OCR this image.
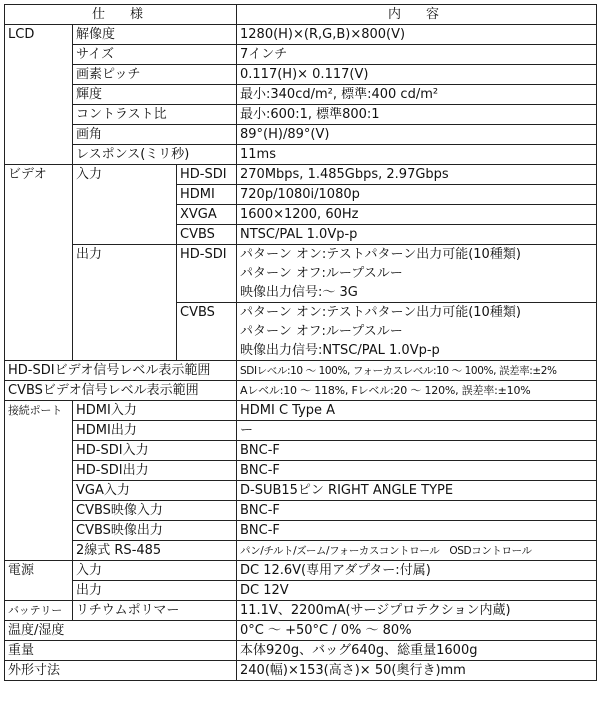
仕　様			内　容
LCD	解像度		1280(H)×(R,G,B)×800(V)
	サイズ		7インチ
	画素ピッチ		0.117(H)× 0.117(V)
	輝度		最小:340cd/m², 標準:400 cd/m²
	コントラスト比		最小:600:1, 標準800:1
	画角		89°(H)/89°(V)
	レスポンス(ミリ秒)		11ms
ビデオ	入力	HD-SDI	270Mbps, 1.485Gbps, 2.97Gbps
		HDMI	720p/1080i/1080p
		XVGA	1600×1200, 60Hz
		CVBS	NTSC/PAL 1.0Vp-p
	出力	HD-SDI	パターン オン:テストパターン出力可能(10種類)
			パターン オフ:ループスルー
			映像出力信号:～ 3G
		CVBS	パターン オン:テストパターン出力可能(10種類)
			パターン オフ:ループスルー
			映像出力信号:NTSC/PAL 1.0Vp-p
HD-SDIビデオ信号レベル表示範囲			SDIレベル:10 ～ 100%, フォーカスレベル:10 ～ 100%, 誤差率:±2%
CVBSビデオ信号レベル表示範囲			Aレベル:10 ～ 118%, Fレベル:20 ～ 120%, 誤差率:±10%
接続ポート	HDMI入力		HDMI C Type A
	HDMI出力		ー
	HD-SDI入力		BNC-F
	HD-SDI出力		BNC-F
	VGA入力		D-SUB15ピン RIGHT ANGLE TYPE
	CVBS映像入力		BNC-F
	CVBS映像出力		BNC-F
	2線式 RS-485		パン/チルト/ズーム/フォーカスコントロール　OSDコントロール
電源	入力		DC 12.6V(専用アダプター:付属)
	出力		DC 12V
バッテリー	リチウムポリマー		11.1V、2200mA(サージプロテクション内蔵)
温度/湿度			0°C ～ +50°C / 0% ～ 80%
重量			本体920g、バッグ640g、総重量1600g
外形寸法			240(幅)×153(高さ)× 50(奥行き)mm
